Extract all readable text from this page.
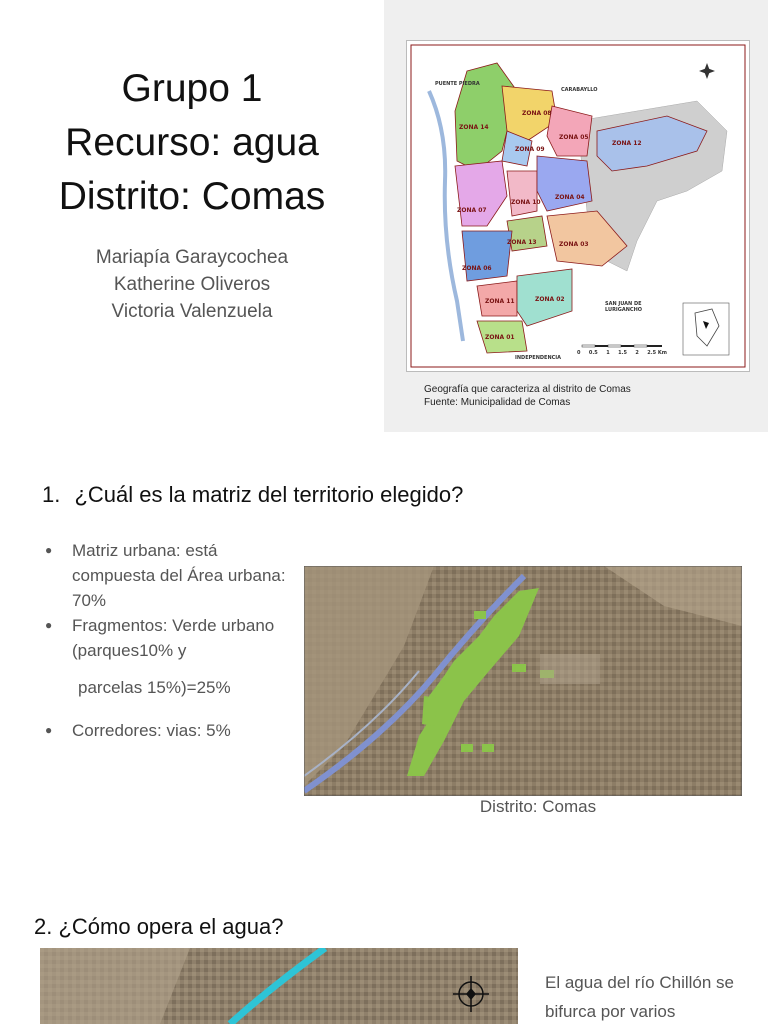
Grupo 1
Recurso: agua
Distrito: Comas
Mariapía Garaycochea
Katherine Oliveros
Victoria Valenzuela
ZONA 14
ZONA 08
ZONA 09
ZONA 05
ZONA 12
ZONA 07
ZONA 10
ZONA 04
ZONA 13	ZONA 03
ZONA 06
ZONA 11	ZONA 02
ZONA 01
PUENTE PIEDRA
CARABAYLLO
SAN JUAN DE LURIGANCHO
INDEPENDENCIA
0 0.5 1 1.5 2 2.5 Km
Geografía que caracteriza al distrito de Comas
Fuente: Municipalidad de Comas
1. ¿Cuál es la matriz del territorio elegido?
● Matriz urbana: está compuesta del Área urbana: 70%
● Fragmentos: Verde urbano (parques10% y
parcelas 15%)=25%
● Corredores: vias: 5%
Distrito: Comas
2. ¿Cómo opera el agua?
El agua del río Chillón se bifurca por varios
